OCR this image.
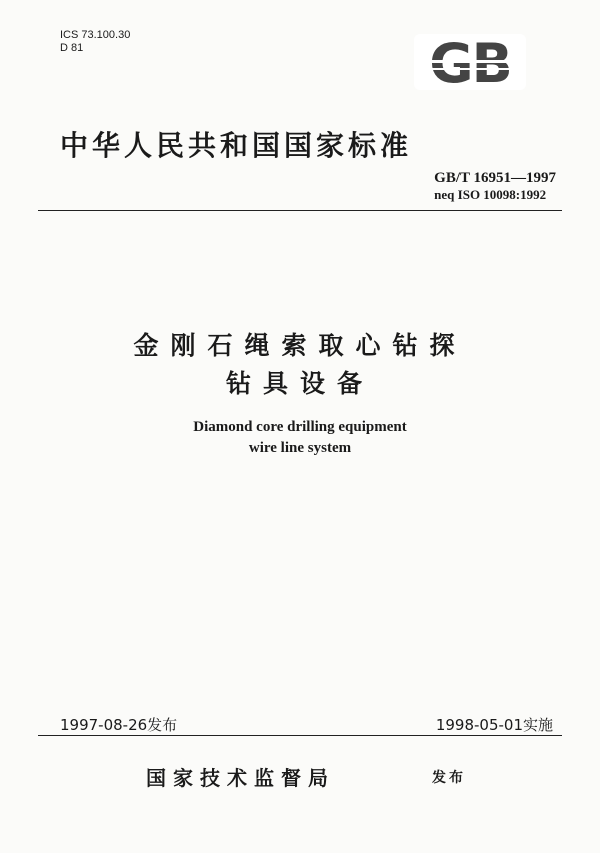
ICS 73.100.30
D 81
中华人民共和国国家标准
GB/T 16951—1997
neq ISO 10098:1992
金刚石绳索取心钻探
钻具设备
Diamond core drilling equipment
wire line system
1997-08-26发布	1998-05-01实施
国家技术监督局	发布
